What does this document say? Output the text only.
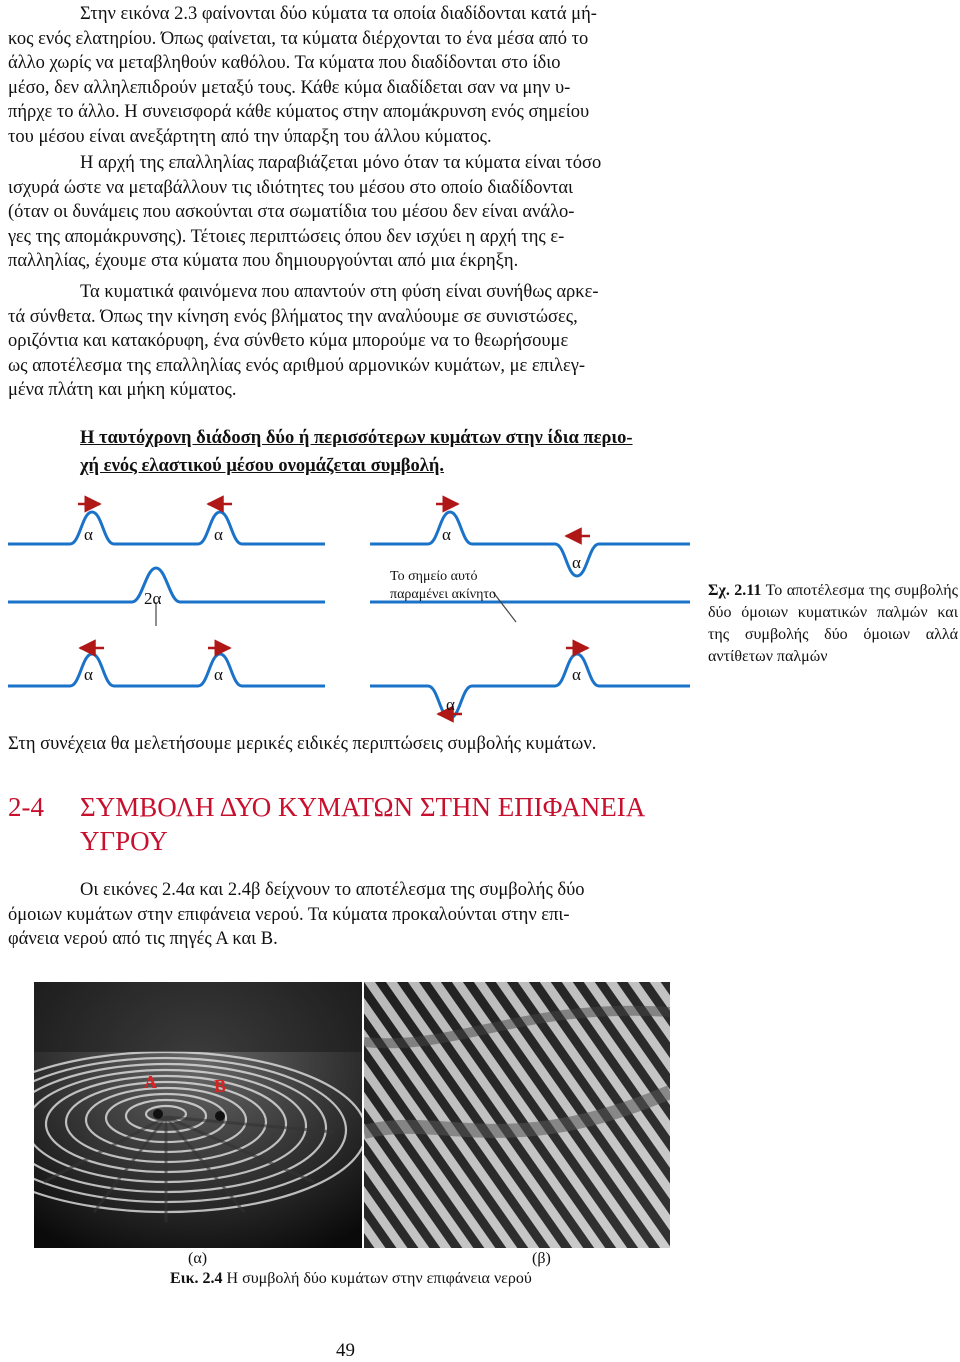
Στην εικόνα 2.3 φαίνονται δύο κύματα τα οποία διαδίδονται κατά μή-
κος ενός ελατηρίου. Όπως φαίνεται, τα κύματα διέρχονται το ένα μέσα από το
άλλο χωρίς να μεταβληθούν καθόλου. Τα κύματα που διαδίδονται στο ίδιο
μέσο, δεν αλληλεπιδρούν μεταξύ τους. Κάθε κύμα διαδίδεται σαν να μην υ-
πήρχε το άλλο. Η συνεισφορά κάθε κύματος στην απομάκρυνση ενός σημείου
του μέσου είναι ανεξάρτητη από την ύπαρξη του άλλου κύματος.
Η αρχή της επαλληλίας παραβιάζεται μόνο όταν τα κύματα είναι τόσο
ισχυρά ώστε να μεταβάλλουν τις ιδιότητες του μέσου στο οποίο διαδίδονται
(όταν οι δυνάμεις που ασκούνται στα σωματίδια του μέσου δεν είναι ανάλο-
γες της απομάκρυνσης). Τέτοιες περιπτώσεις όπου δεν ισχύει η αρχή της ε-
παλληλίας, έχουμε στα κύματα που δημιουργούνται από μια έκρηξη.
Τα κυματικά φαινόμενα που απαντούν στη φύση είναι συνήθως αρκε-
τά σύνθετα. Όπως την κίνηση ενός βλήματος την αναλύουμε σε συνιστώσες,
οριζόντια και κατακόρυφη, ένα σύνθετο κύμα μπορούμε να το θεωρήσουμε
ως αποτέλεσμα της επαλληλίας ενός αριθμού αρμονικών κυμάτων, με επιλεγ-
μένα πλάτη και μήκη κύματος.
Η ταυτόχρονη διάδοση δύο ή περισσότερων κυμάτων στην ίδια περιο-
χή ενός ελαστικού μέσου ονομάζεται συμβολή.
α	α	α
α
2α
α	α
α
α
Το σημείο αυτό
παραμένει ακίνητο	Σχ. 2.11 Το αποτέλεσμα της συμβολής δύο όμοιων κυματικών παλμών και της συμβολής δύο όμοιων αλλά αντίθετων παλμών
Στη συνέχεια θα μελετήσουμε μερικές ειδικές περιπτώσεις συμβολής κυμάτων.
2-4 ΣΥΜΒΟΛΗ ΔΥΟ ΚΥΜΑΤΩΝ ΣΤΗΝ ΕΠΙΦΑΝΕΙΑ
ΥΓΡΟΥ
Οι εικόνες 2.4α και 2.4β δείχνουν το αποτέλεσμα της συμβολής δύο
όμοιων κυμάτων στην επιφάνεια νερού. Τα κύματα προκαλούνται στην επι-
φάνεια νερού από τις πηγές Α και Β.
Α	Β
(α)	(β)
Εικ. 2.4 Η συμβολή δύο κυμάτων στην επιφάνεια νερού
49
